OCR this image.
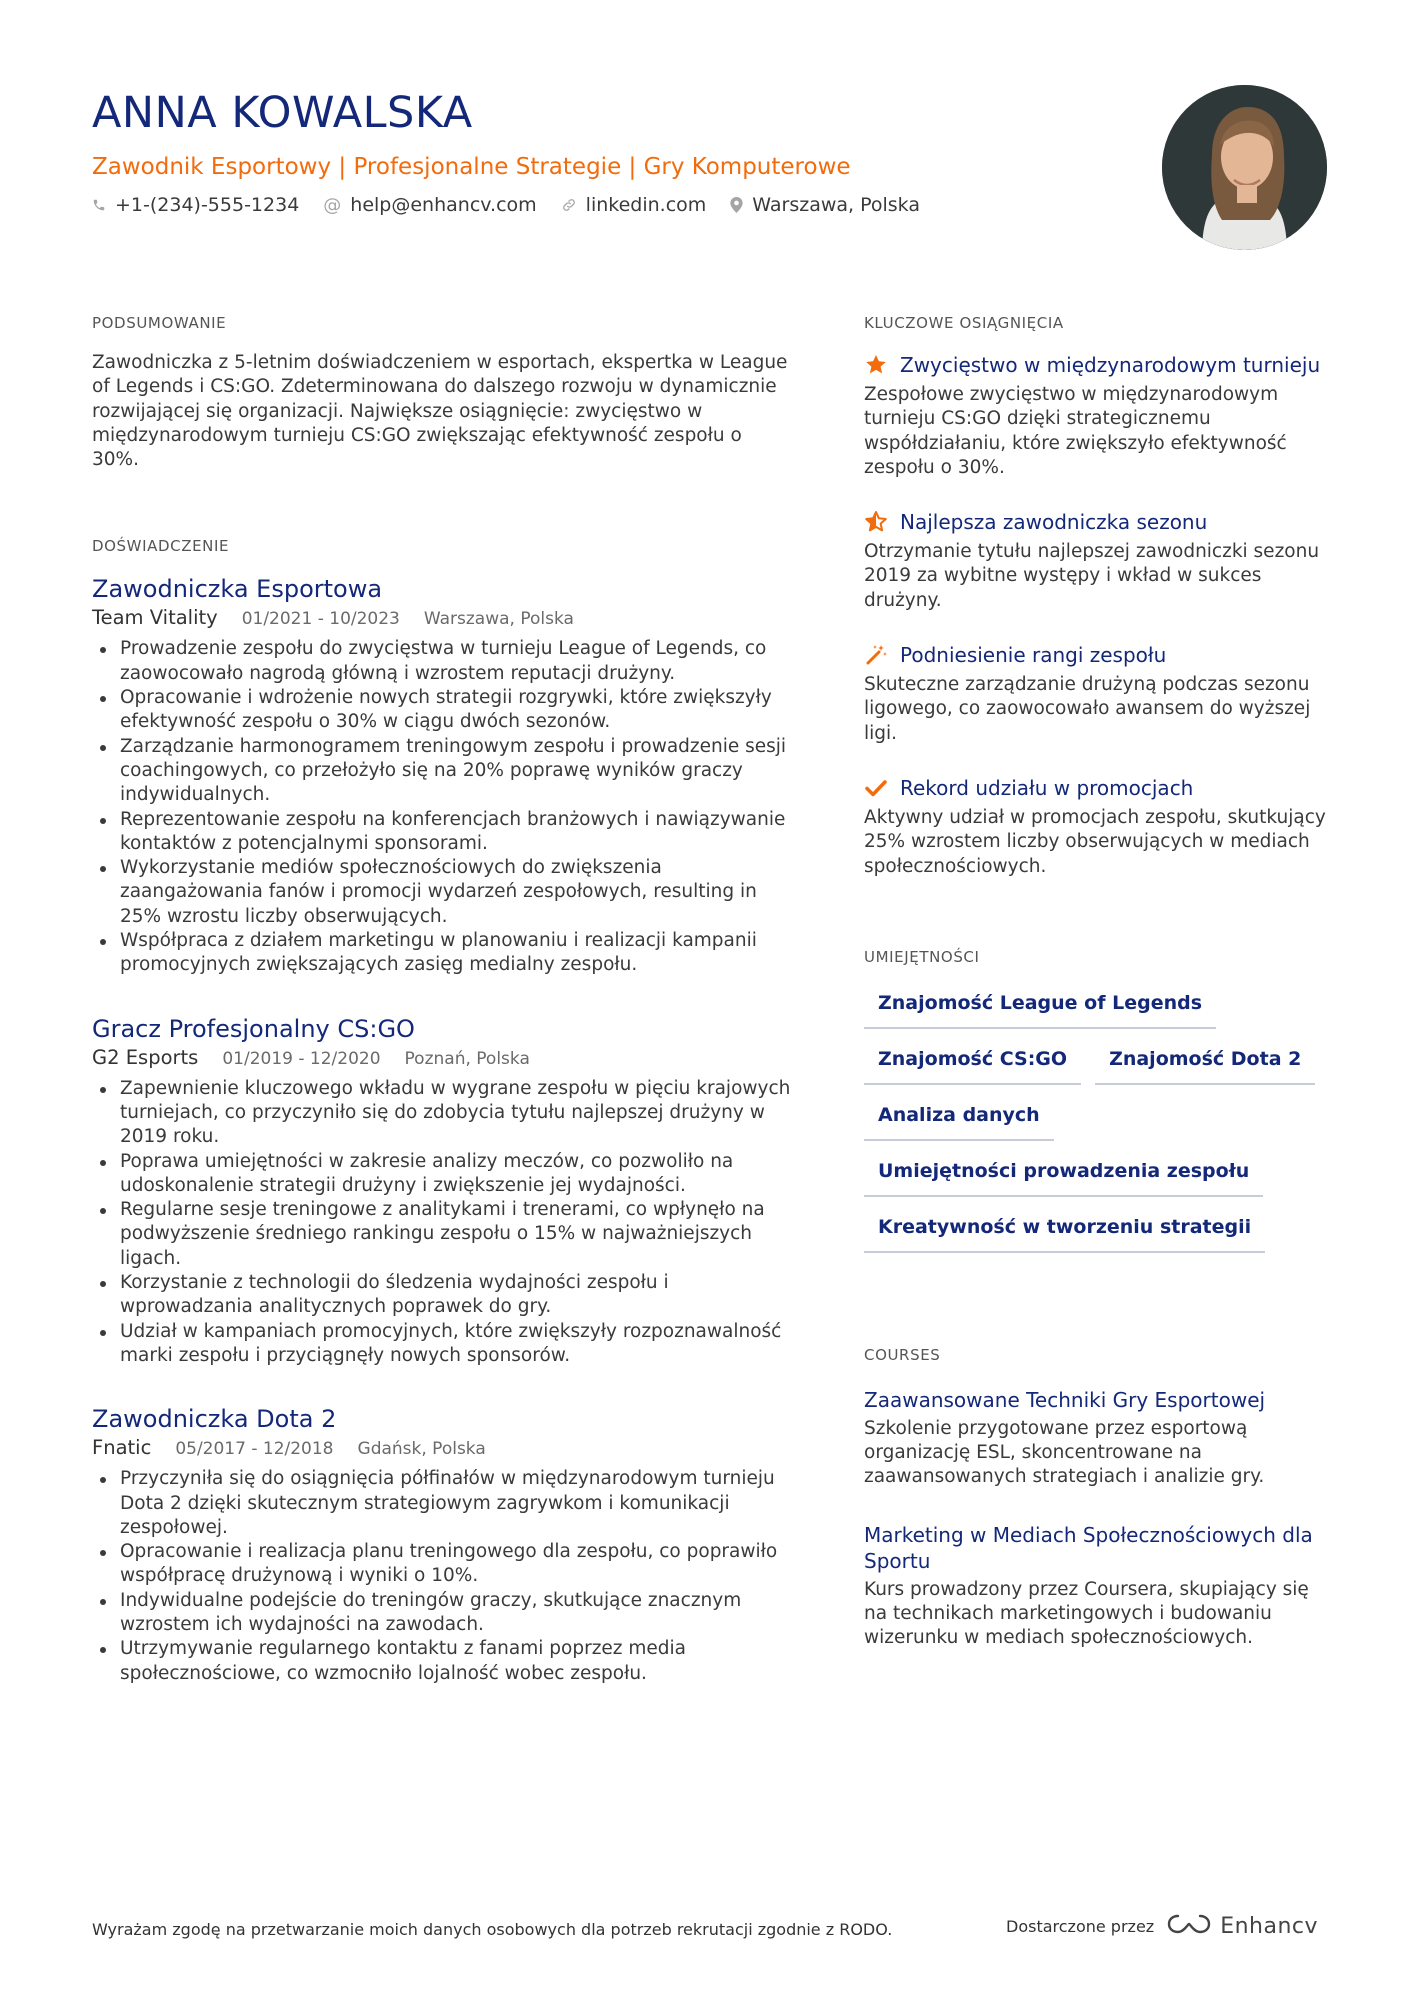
ANNA KOWALSKA
Zawodnik Esportowy | Profesjonalne Strategie | Gry Komputerowe
+1-(234)-555-1234 @ help@enhancv.com	linkedin.com Warszawa, Polska
PODSUMOWANIE

Zawodniczka z 5-letnim doświadczeniem w esportach, ekspertka w League of Legends i CS:GO. Zdeterminowana do dalszego rozwoju w dynamicznie rozwijającej się organizacji. Największe osiągnięcie: zwycięstwo w międzynarodowym turnieju CS:GO zwiększając efektywność zespołu o 30%.

DOŚWIADCZENIE
Zawodniczka Esportowa
Team Vitality 01/2021 - 10/2023 Warszawa, Polska
Prowadzenie zespołu do zwycięstwa w turnieju League of Legends, co zaowocowało nagrodą główną i wzrostem reputacji drużyny.
Opracowanie i wdrożenie nowych strategii rozgrywki, które zwiększyły efektywność zespołu o 30% w ciągu dwóch sezonów.
Zarządzanie harmonogramem treningowym zespołu i prowadzenie sesji coachingowych, co przełożyło się na 20% poprawę wyników graczy indywidualnych.
Reprezentowanie zespołu na konferencjach branżowych i nawiązywanie kontaktów z potencjalnymi sponsorami.
Wykorzystanie mediów społecznościowych do zwiększenia zaangażowania fanów i promocji wydarzeń zespołowych, resulting in 25% wzrostu liczby obserwujących.
Współpraca z działem marketingu w planowaniu i realizacji kampanii promocyjnych zwiększających zasięg medialny zespołu.
Gracz Profesjonalny CS:GO
G2 Esports 01/2019 - 12/2020 Poznań, Polska
Zapewnienie kluczowego wkładu w wygrane zespołu w pięciu krajowych turniejach, co przyczyniło się do zdobycia tytułu najlepszej drużyny w 2019 roku.
Poprawa umiejętności w zakresie analizy meczów, co pozwoliło na udoskonalenie strategii drużyny i zwiększenie jej wydajności.
Regularne sesje treningowe z analitykami i trenerami, co wpłynęło na podwyższenie średniego rankingu zespołu o 15% w najważniejszych ligach.
Korzystanie z technologii do śledzenia wydajności zespołu i wprowadzania analitycznych poprawek do gry.
Udział w kampaniach promocyjnych, które zwiększyły rozpoznawalność marki zespołu i przyciągnęły nowych sponsorów.
Zawodniczka Dota 2
Fnatic 05/2017 - 12/2018 Gdańsk, Polska
Przyczyniła się do osiągnięcia półfinałów w międzynarodowym turnieju Dota 2 dzięki skutecznym strategiowym zagrywkom i komunikacji zespołowej.
Opracowanie i realizacja planu treningowego dla zespołu, co poprawiło współpracę drużynową i wyniki o 10%.
Indywidualne podejście do treningów graczy, skutkujące znacznym wzrostem ich wydajności na zawodach.
Utrzymywanie regularnego kontaktu z fanami poprzez media społecznościowe, co wzmocniło lojalność wobec zespołu.
KLUCZOWE OSIĄGNIĘCIA
Zwycięstwo w międzynarodowym turnieju
Zespołowe zwycięstwo w międzynarodowym turnieju CS:GO dzięki strategicznemu współdziałaniu, które zwiększyło efektywność zespołu o 30%.
Najlepsza zawodniczka sezonu
Otrzymanie tytułu najlepszej zawodniczki sezonu 2019 za wybitne występy i wkład w sukces drużyny.
Podniesienie rangi zespołu
Skuteczne zarządzanie drużyną podczas sezonu ligowego, co zaowocowało awansem do wyższej ligi.
Rekord udziału w promocjach
Aktywny udział w promocjach zespołu, skutkujący 25% wzrostem liczby obserwujących w mediach społecznościowych.
UMIEJĘTNOŚCI
Znajomość League of Legends
Znajomość CS:GO	Znajomość Dota 2
Analiza danych
Umiejętności prowadzenia zespołu
Kreatywność w tworzeniu strategii
COURSES
Zaawansowane Techniki Gry Esportowej
Szkolenie przygotowane przez esportową organizację ESL, skoncentrowane na zaawansowanych strategiach i analizie gry.
Marketing w Mediach Społecznościowych dla Sportu
Kurs prowadzony przez Coursera, skupiający się na technikach marketingowych i budowaniu wizerunku w mediach społecznościowych.
Wyrażam zgodę na przetwarzanie moich danych osobowych dla potrzeb rekrutacji zgodnie z RODO.	Dostarczone przez	Enhancv
